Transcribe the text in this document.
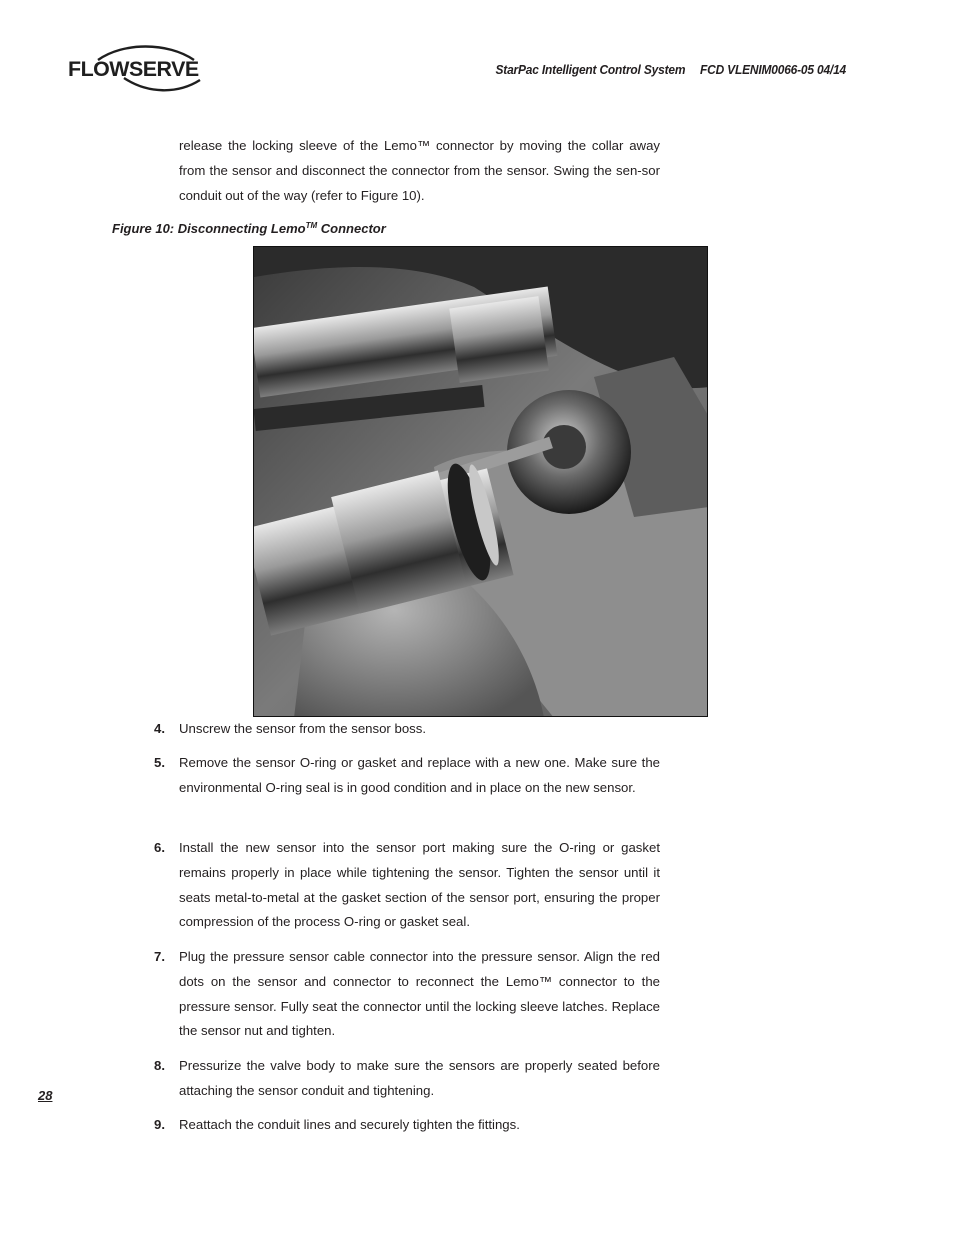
FLOWSERVE	StarPac Intelligent Control System FCD VLENIM0066-05 04/14
release the locking sleeve of the Lemo™ connector by moving the collar away from the sensor and disconnect the connector from the sensor. Swing the sen-sor conduit out of the way (refer to Figure 10).
Figure 10: Disconnecting Lemo™ Connector
4.	Unscrew the sensor from the sensor boss.
5.	Remove the sensor O-ring or gasket and replace with a new one. Make sure the environmental O-ring seal is in good condition and in place on the new sensor.
6.	Install the new sensor into the sensor port making sure the O-ring or gasket remains properly in place while tightening the sensor. Tighten the sensor until it seats metal-to-metal at the gasket section of the sensor port, ensuring the proper compression of the process O-ring or gasket seal.
7.	Plug the pressure sensor cable connector into the pressure sensor. Align the red dots on the sensor and connector to reconnect the Lemo™ connector to the pressure sensor. Fully seat the connector until the locking sleeve latches. Replace the sensor nut and tighten.
8.	Pressurize the valve body to make sure the sensors are properly seated before attaching the sensor conduit and tightening.
9.	Reattach the conduit lines and securely tighten the fittings.
28
